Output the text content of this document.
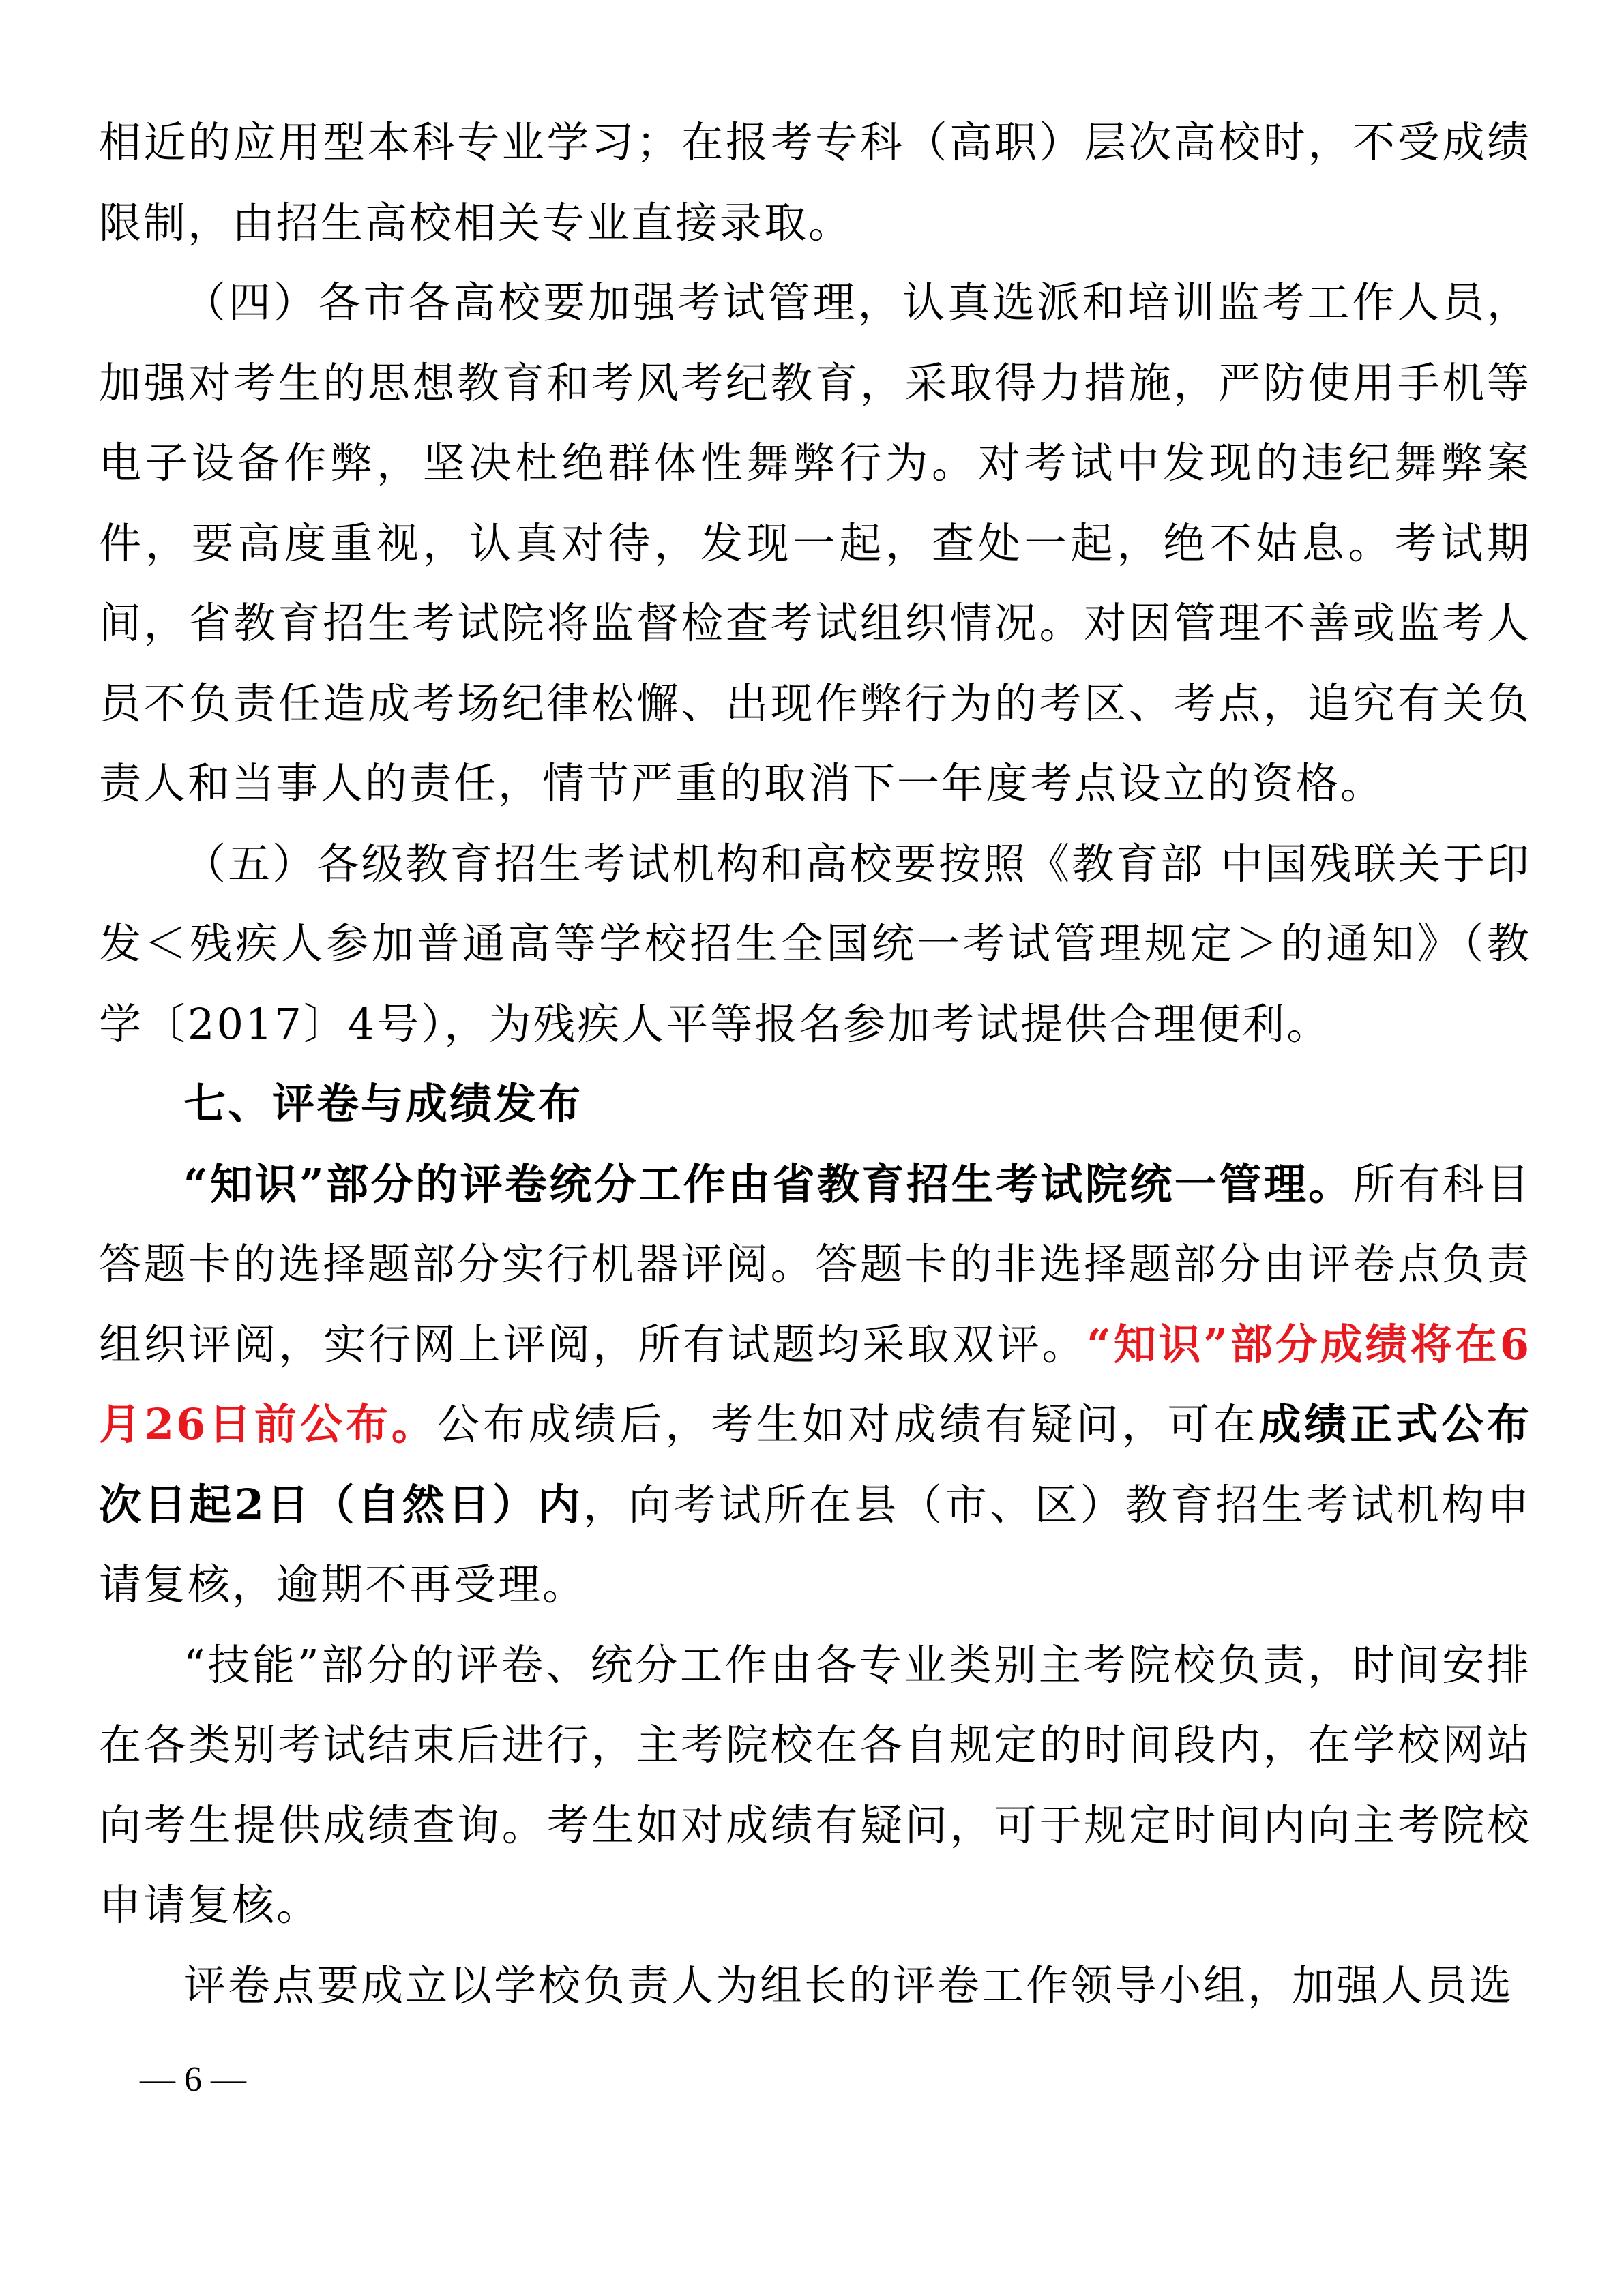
相近的应用型本科专业学习；在报考专科（高职）层次高校时，不受成绩限制，由招生高校相关专业直接录取。

（四）各市各高校要加强考试管理，认真选派和培训监考工作人员，加强对考生的思想教育和考风考纪教育，采取得力措施，严防使用手机等电子设备作弊，坚决杜绝群体性舞弊行为。对考试中发现的违纪舞弊案件，要高度重视，认真对待，发现一起，查处一起，绝不姑息。考试期间，省教育招生考试院将监督检查考试组织情况。对因管理不善或监考人员不负责任造成考场纪律松懈、出现作弊行为的考区、考点，追究有关负责人和当事人的责任，情节严重的取消下一年度考点设立的资格。

（五）各级教育招生考试机构和高校要按照《教育部 中国残联关于印发＜残疾人参加普通高等学校招生全国统一考试管理规定＞的通知》（教学〔2017〕4号），为残疾人平等报名参加考试提供合理便利。

七、评卷与成绩发布

“知识”部分的评卷统分工作由省教育招生考试院统一管理。所有科目答题卡的选择题部分实行机器评阅。答题卡的非选择题部分由评卷点负责组织评阅，实行网上评阅，所有试题均采取双评。“知识”部分成绩将在6月26日前公布。公布成绩后，考生如对成绩有疑问，可在成绩正式公布次日起2日（自然日）内，向考试所在县（市、区）教育招生考试机构申请复核，逾期不再受理。

“技能”部分的评卷、统分工作由各专业类别主考院校负责，时间安排在各类别考试结束后进行，主考院校在各自规定的时间段内，在学校网站向考生提供成绩查询。考生如对成绩有疑问，可于规定时间内向主考院校申请复核。

评卷点要成立以学校负责人为组长的评卷工作领导小组，加强人员选

— 6 —
